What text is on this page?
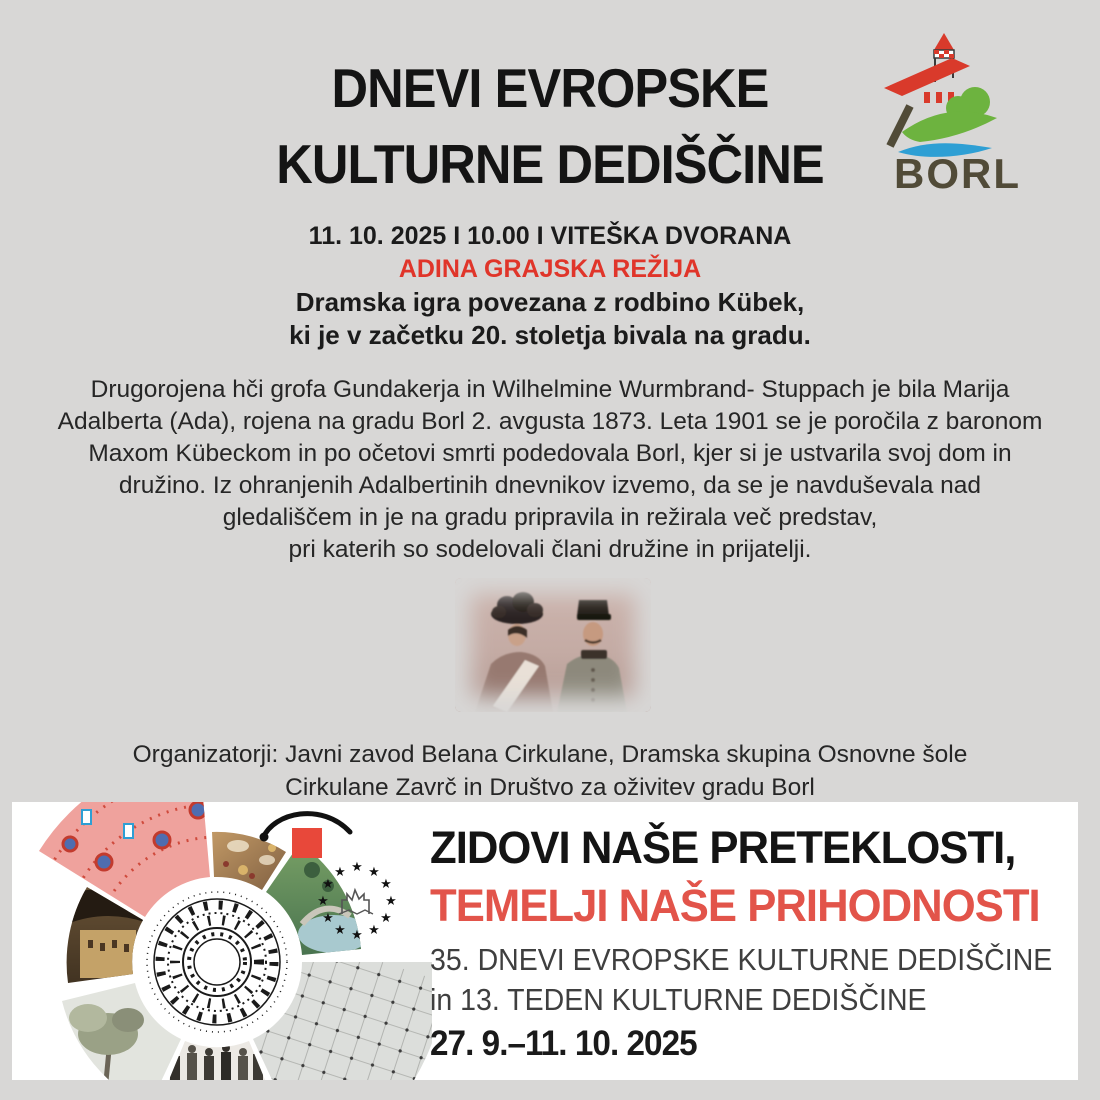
DNEVI EVROPSKE
KULTURNE DEDIŠČINE	BORL
11. 10. 2025 I 10.00 I VITEŠKA DVORANA
ADINA GRAJSKA REŽIJA
Dramska igra povezana z rodbino Kübek,
ki je v začetku 20. stoletja bivala na gradu.
Drugorojena hči grofa Gundakerja in Wilhelmine Wurmbrand- Stuppach je bila Marija
Adalberta (Ada), rojena na gradu Borl 2. avgusta 1873. Leta 1901 se je poročila z baronom
Maxom Kübeckom in po očetovi smrti podedovala Borl, kjer si je ustvarila svoj dom in
družino. Iz ohranjenih Adalbertinih dnevnikov izvemo, da se je navduševala nad
gledališčem in je na gradu pripravila in režirala več predstav,
pri katerih so sodelovali člani družine in prijatelji.
Organizatorji: Javni zavod Belana Cirkulane, Dramska skupina Osnovne šole
Cirkulane Zavrč in Društvo za oživitev gradu Borl
★
★
★
★
★
★
★
★
★ ★ ★
★
ZIDOVI NAŠE PRETEKLOSTI,
TEMELJI NAŠE PRIHODNOSTI
35. DNEVI EVROPSKE KULTURNE DEDIŠČINE
in 13. TEDEN KULTURNE DEDIŠČINE
27. 9.–11. 10. 2025
